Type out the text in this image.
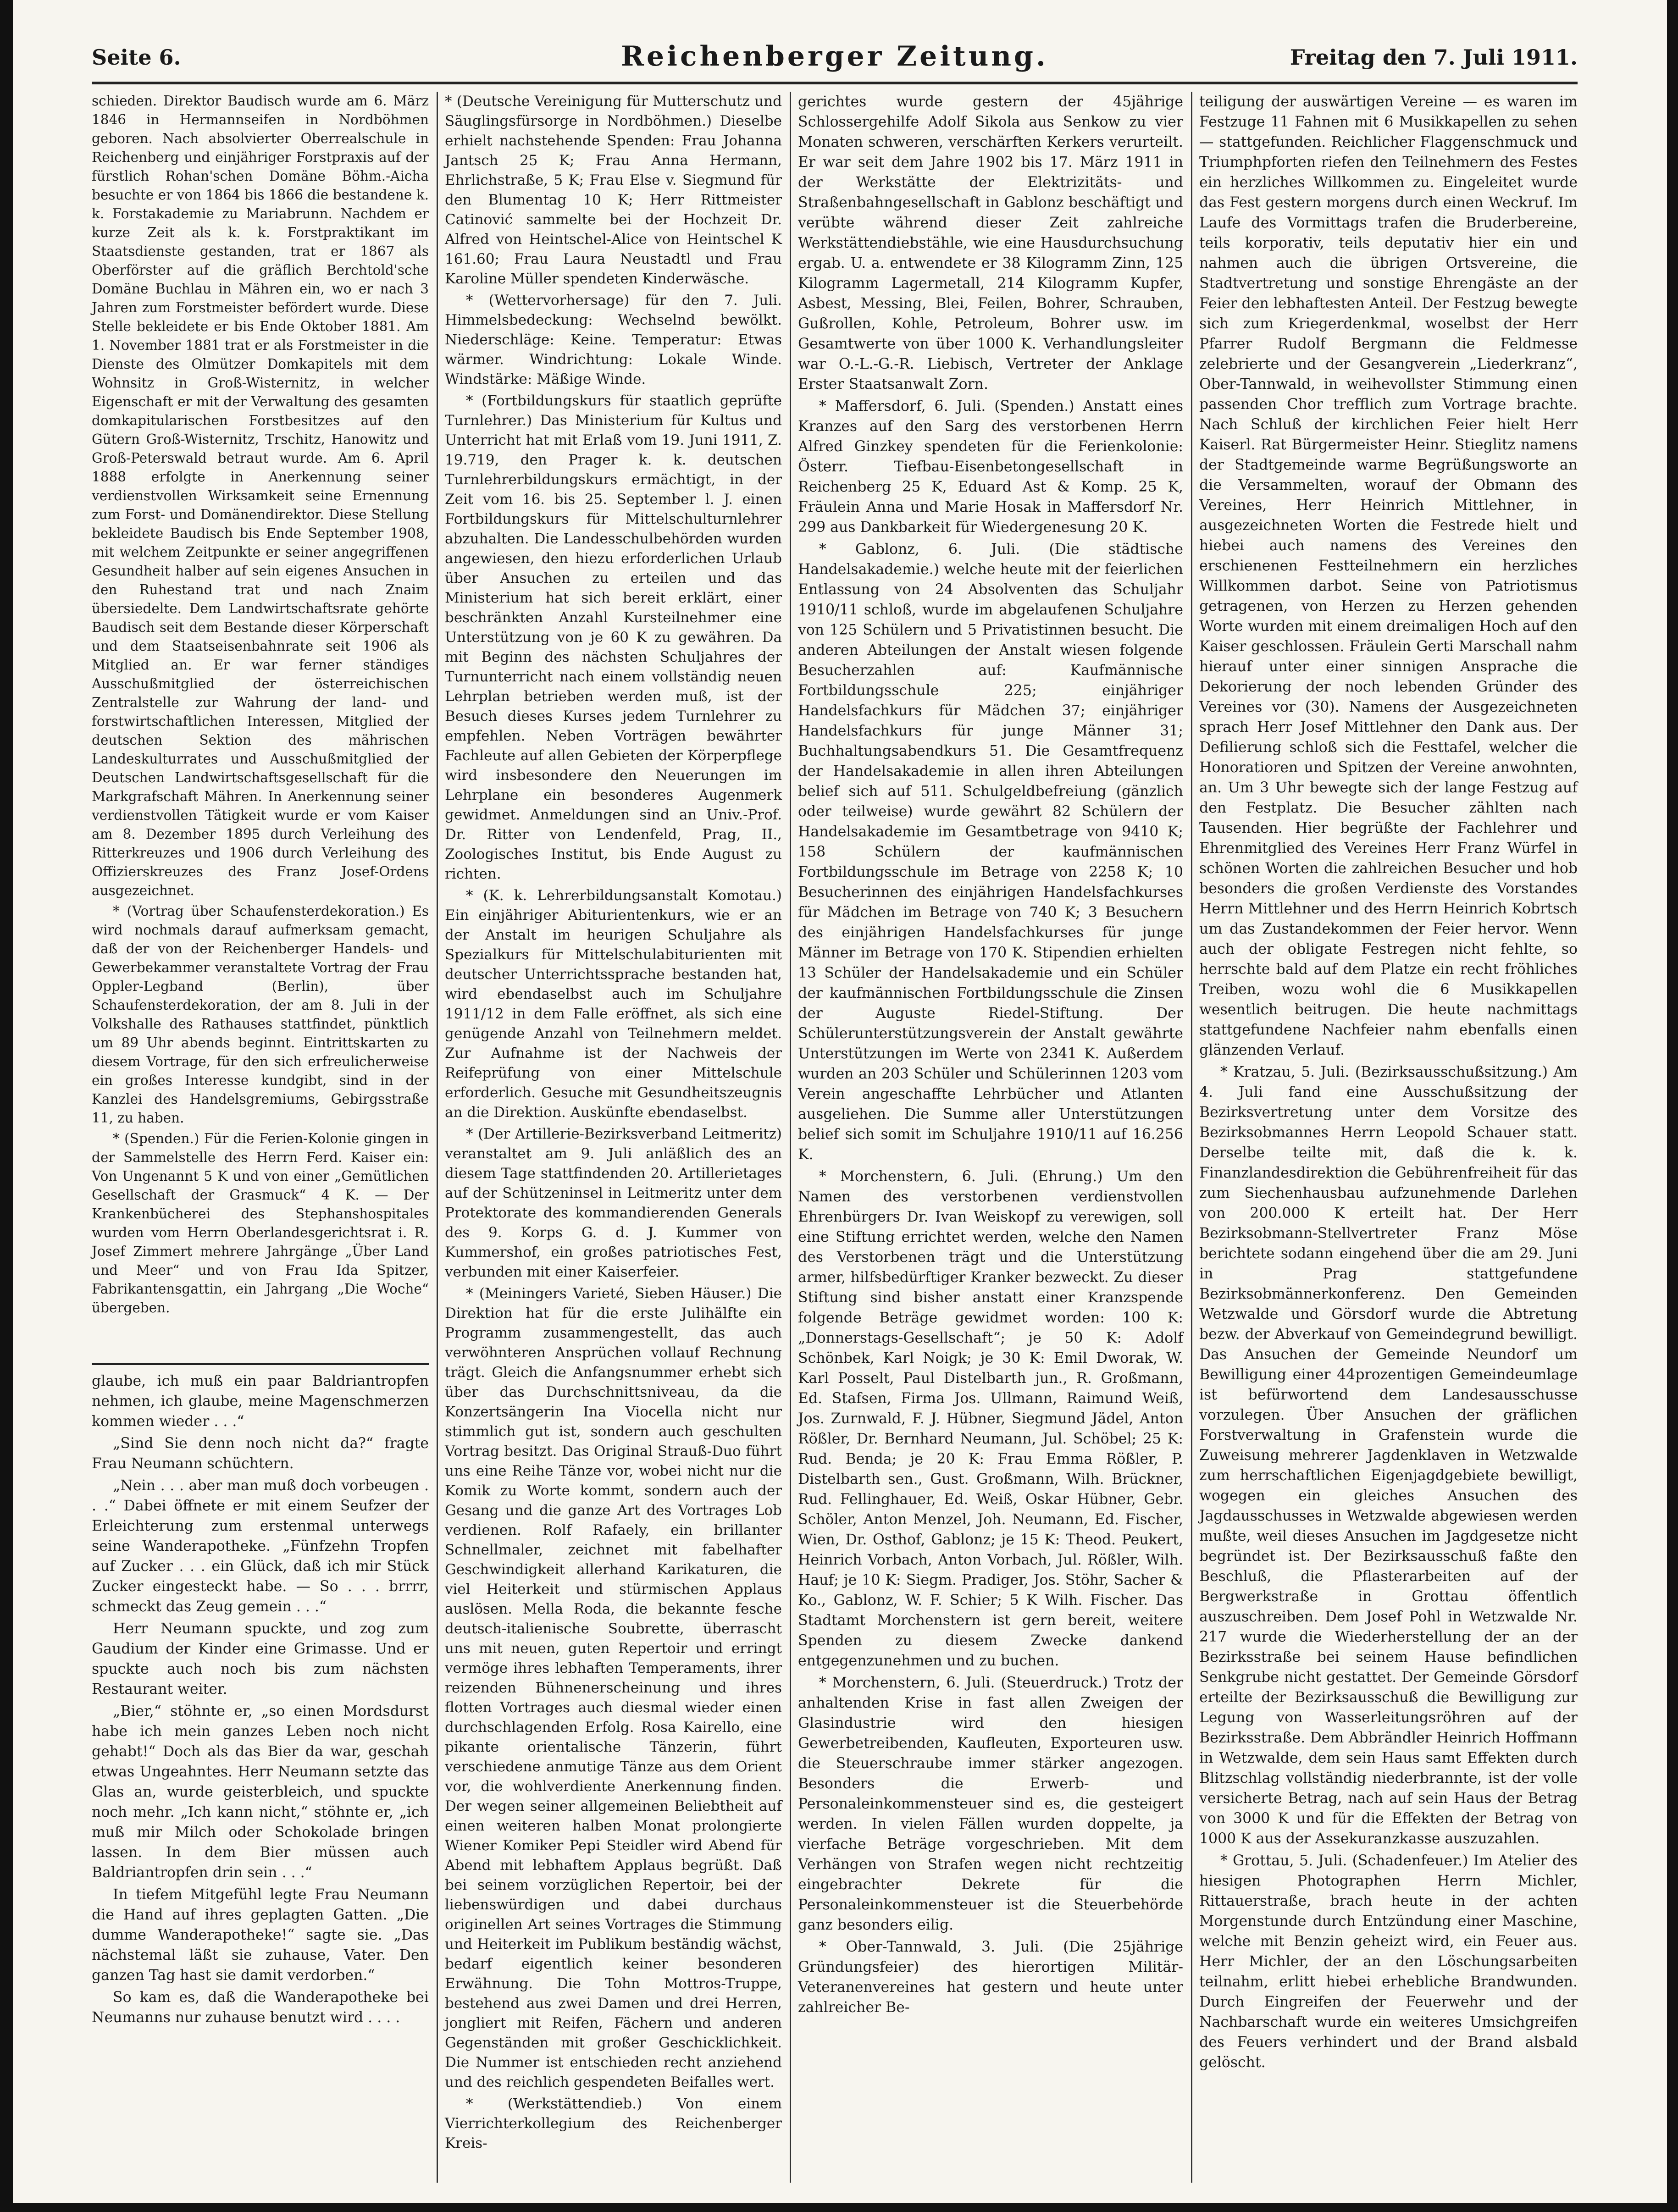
Seite 6.	Reichenberger Zeitung.	Freitag den 7. Juli 1911.

schieden. Direktor Baudisch wurde am 6. März 1846 in Hermannseifen in Nordböhmen geboren. Nach absolvierter Oberrealschule in Reichenberg und einjähriger Forstpraxis auf der fürstlich Rohan'schen Domäne Böhm.-Aicha besuchte er von 1864 bis 1866 die bestandene k. k. Forstakademie zu Mariabrunn. Nachdem er kurze Zeit als k. k. Forstpraktikant im Staatsdienste gestanden, trat er 1867 als Oberförster auf die gräflich Berchtold'sche Domäne Buchlau in Mähren ein, wo er nach 3 Jahren zum Forstmeister befördert wurde. Diese Stelle bekleidete er bis Ende Oktober 1881. Am 1. November 1881 trat er als Forstmeister in die Dienste des Olmützer Domkapitels mit dem Wohnsitz in Groß-Wisternitz, in welcher Eigenschaft er mit der Verwaltung des gesamten domkapitularischen Forstbesitzes auf den Gütern Groß-Wisternitz, Trschitz, Hanowitz und Groß-Peterswald betraut wurde. Am 6. April 1888 erfolgte in Anerkennung seiner verdienstvollen Wirksamkeit seine Ernennung zum Forst- und Domänendirektor. Diese Stellung bekleidete Baudisch bis Ende September 1908, mit welchem Zeitpunkte er seiner angegriffenen Gesundheit halber auf sein eigenes Ansuchen in den Ruhestand trat und nach Znaim übersiedelte. Dem Landwirtschaftsrate gehörte Baudisch seit dem Bestande dieser Körperschaft und dem Staatseisenbahnrate seit 1906 als Mitglied an. Er war ferner ständiges Ausschußmitglied der österreichischen Zentralstelle zur Wahrung der land- und forstwirtschaftlichen Interessen, Mitglied der deutschen Sektion des mährischen Landeskulturrates und Ausschußmitglied der Deutschen Landwirtschaftsgesellschaft für die Markgrafschaft Mähren. In Anerkennung seiner verdienstvollen Tätigkeit wurde er vom Kaiser am 8. Dezember 1895 durch Verleihung des Ritterkreuzes und 1906 durch Verleihung des Offizierskreuzes des Franz Josef-Ordens ausgezeichnet.

* (Vortrag über Schaufensterdekoration.) Es wird nochmals darauf aufmerksam gemacht, daß der von der Reichenberger Handels- und Gewerbekammer veranstaltete Vortrag der Frau Oppler-Legband (Berlin), über Schaufensterdekoration, der am 8. Juli in der Volkshalle des Rathauses stattfindet, pünktlich um 89 Uhr abends beginnt. Eintrittskarten zu diesem Vortrage, für den sich erfreulicherweise ein großes Interesse kundgibt, sind in der Kanzlei des Handelsgremiums, Gebirgsstraße 11, zu haben.

* (Spenden.) Für die Ferien-Kolonie gingen in der Sammelstelle des Herrn Ferd. Kaiser ein: Von Ungenannt 5 K und von einer „Gemütlichen Gesellschaft der Grasmuck“ 4 K. — Der Krankenbücherei des Stephanshospitales wurden vom Herrn Oberlandesgerichtsrat i. R. Josef Zimmert mehrere Jahrgänge „Über Land und Meer“ und von Frau Ida Spitzer, Fabrikantensgattin, ein Jahrgang „Die Woche“ übergeben.

glaube, ich muß ein paar Baldriantropfen nehmen, ich glaube, meine Magenschmerzen kommen wieder . . .“

„Sind Sie denn noch nicht da?“ fragte Frau Neumann schüchtern.

„Nein . . . aber man muß doch vorbeugen . . .“ Dabei öffnete er mit einem Seufzer der Erleichterung zum erstenmal unterwegs seine Wanderapotheke. „Fünfzehn Tropfen auf Zucker . . . ein Glück, daß ich mir Stück Zucker eingesteckt habe. — So . . . brrrr, schmeckt das Zeug gemein . . .“

Herr Neumann spuckte, und zog zum Gaudium der Kinder eine Grimasse. Und er spuckte auch noch bis zum nächsten Restaurant weiter.

„Bier,“ stöhnte er, „so einen Mordsdurst habe ich mein ganzes Leben noch nicht gehabt!“ Doch als das Bier da war, geschah etwas Ungeahntes. Herr Neumann setzte das Glas an, wurde geisterbleich, und spuckte noch mehr. „Ich kann nicht,“ stöhnte er, „ich muß mir Milch oder Schokolade bringen lassen. In dem Bier müssen auch Baldriantropfen drin sein . . .“

In tiefem Mitgefühl legte Frau Neumann die Hand auf ihres geplagten Gatten. „Die dumme Wanderapotheke!“ sagte sie. „Das nächstemal läßt sie zuhause, Vater. Den ganzen Tag hast sie damit verdorben.“

So kam es, daß die Wanderapotheke bei Neumanns nur zuhause benutzt wird . . . .

* (Deutsche Vereinigung für Mutterschutz und Säuglingsfürsorge in Nordböhmen.) Dieselbe erhielt nachstehende Spenden: Frau Johanna Jantsch 25 K; Frau Anna Hermann, Ehrlichstraße, 5 K; Frau Else v. Siegmund für den Blumentag 10 K; Herr Rittmeister Catinović sammelte bei der Hochzeit Dr. Alfred von Heintschel-Alice von Heintschel K 161.60; Frau Laura Neustadtl und Frau Karoline Müller spendeten Kinderwäsche.

* (Wettervorhersage) für den 7. Juli. Himmelsbedeckung: Wechselnd bewölkt. Niederschläge: Keine. Temperatur: Etwas wärmer. Windrichtung: Lokale Winde. Windstärke: Mäßige Winde.

* (Fortbildungskurs für staatlich geprüfte Turnlehrer.) Das Ministerium für Kultus und Unterricht hat mit Erlaß vom 19. Juni 1911, Z. 19.719, den Prager k. k. deutschen Turnlehrerbildungskurs ermächtigt, in der Zeit vom 16. bis 25. September l. J. einen Fortbildungskurs für Mittelschulturnlehrer abzuhalten. Die Landesschulbehörden wurden angewiesen, den hiezu erforderlichen Urlaub über Ansuchen zu erteilen und das Ministerium hat sich bereit erklärt, einer beschränkten Anzahl Kursteilnehmer eine Unterstützung von je 60 K zu gewähren. Da mit Beginn des nächsten Schuljahres der Turnunterricht nach einem vollständig neuen Lehrplan betrieben werden muß, ist der Besuch dieses Kurses jedem Turnlehrer zu empfehlen. Neben Vorträgen bewährter Fachleute auf allen Gebieten der Körperpflege wird insbesondere den Neuerungen im Lehrplane ein besonderes Augenmerk gewidmet. Anmeldungen sind an Univ.-Prof. Dr. Ritter von Lendenfeld, Prag, II., Zoologisches Institut, bis Ende August zu richten.

* (K. k. Lehrerbildungsanstalt Komotau.) Ein einjähriger Abiturientenkurs, wie er an der Anstalt im heurigen Schuljahre als Spezialkurs für Mittelschulabiturienten mit deutscher Unterrichtssprache bestanden hat, wird ebendaselbst auch im Schuljahre 1911/12 in dem Falle eröffnet, als sich eine genügende Anzahl von Teilnehmern meldet. Zur Aufnahme ist der Nachweis der Reifeprüfung von einer Mittelschule erforderlich. Gesuche mit Gesundheitszeugnis an die Direktion. Auskünfte ebendaselbst.

* (Der Artillerie-Bezirksverband Leitmeritz) veranstaltet am 9. Juli anläßlich des an diesem Tage stattfindenden 20. Artillerietages auf der Schützeninsel in Leitmeritz unter dem Protektorate des kommandierenden Generals des 9. Korps G. d. J. Kummer von Kummershof, ein großes patriotisches Fest, verbunden mit einer Kaiserfeier.

* (Meiningers Varieté, Sieben Häuser.) Die Direktion hat für die erste Julihälfte ein Programm zusammengestellt, das auch verwöhnteren Ansprüchen vollauf Rechnung trägt. Gleich die Anfangsnummer erhebt sich über das Durchschnittsniveau, da die Konzertsängerin Ina Viocella nicht nur stimmlich gut ist, sondern auch geschulten Vortrag besitzt. Das Original Strauß-Duo führt uns eine Reihe Tänze vor, wobei nicht nur die Komik zu Worte kommt, sondern auch der Gesang und die ganze Art des Vortrages Lob verdienen. Rolf Rafaely, ein brillanter Schnellmaler, zeichnet mit fabelhafter Geschwindigkeit allerhand Karikaturen, die viel Heiterkeit und stürmischen Applaus auslösen. Mella Roda, die bekannte fesche deutsch-italienische Soubrette, überrascht uns mit neuen, guten Repertoir und erringt vermöge ihres lebhaften Temperaments, ihrer reizenden Bühnenerscheinung und ihres flotten Vortrages auch diesmal wieder einen durchschlagenden Erfolg. Rosa Kairello, eine pikante orientalische Tänzerin, führt verschiedene anmutige Tänze aus dem Orient vor, die wohlverdiente Anerkennung finden. Der wegen seiner allgemeinen Beliebtheit auf einen weiteren halben Monat prolongierte Wiener Komiker Pepi Steidler wird Abend für Abend mit lebhaftem Applaus begrüßt. Daß bei seinem vorzüglichen Repertoir, bei der liebenswürdigen und dabei durchaus originellen Art seines Vortrages die Stimmung und Heiterkeit im Publikum beständig wächst, bedarf eigentlich keiner besonderen Erwähnung. Die Tohn Mottros-Truppe, bestehend aus zwei Damen und drei Herren, jongliert mit Reifen, Fächern und anderen Gegenständen mit großer Geschicklichkeit. Die Nummer ist entschieden recht anziehend und des reichlich gespendeten Beifalles wert.

* (Werkstättendieb.) Von einem Vierrichterkollegium des Reichenberger Kreis-

gerichtes wurde gestern der 45jährige Schlossergehilfe Adolf Sikola aus Senkow zu vier Monaten schweren, verschärften Kerkers verurteilt. Er war seit dem Jahre 1902 bis 17. März 1911 in der Werkstätte der Elektrizitäts- und Straßenbahngesellschaft in Gablonz beschäftigt und verübte während dieser Zeit zahlreiche Werkstättendiebstähle, wie eine Hausdurchsuchung ergab. U. a. entwendete er 38 Kilogramm Zinn, 125 Kilogramm Lagermetall, 214 Kilogramm Kupfer, Asbest, Messing, Blei, Feilen, Bohrer, Schrauben, Gußrollen, Kohle, Petroleum, Bohrer usw. im Gesamtwerte von über 1000 K. Verhandlungsleiter war O.-L.-G.-R. Liebisch, Vertreter der Anklage Erster Staatsanwalt Zorn.

* Maffersdorf, 6. Juli. (Spenden.) Anstatt eines Kranzes auf den Sarg des verstorbenen Herrn Alfred Ginzkey spendeten für die Ferienkolonie: Österr. Tiefbau-Eisenbetongesellschaft in Reichenberg 25 K, Eduard Ast & Komp. 25 K, Fräulein Anna und Marie Hosak in Maffersdorf Nr. 299 aus Dankbarkeit für Wiedergenesung 20 K.

* Gablonz, 6. Juli. (Die städtische Handelsakademie.) welche heute mit der feierlichen Entlassung von 24 Absolventen das Schuljahr 1910/11 schloß, wurde im abgelaufenen Schuljahre von 125 Schülern und 5 Privatistinnen besucht. Die anderen Abteilungen der Anstalt wiesen folgende Besucherzahlen auf: Kaufmännische Fortbildungsschule 225; einjähriger Handelsfachkurs für Mädchen 37; einjähriger Handelsfachkurs für junge Männer 31; Buchhaltungsabendkurs 51. Die Gesamtfrequenz der Handelsakademie in allen ihren Abteilungen belief sich auf 511. Schulgeldbefreiung (gänzlich oder teilweise) wurde gewährt 82 Schülern der Handelsakademie im Gesamtbetrage von 9410 K; 158 Schülern der kaufmännischen Fortbildungsschule im Betrage von 2258 K; 10 Besucherinnen des einjährigen Handelsfachkurses für Mädchen im Betrage von 740 K; 3 Besuchern des einjährigen Handelsfachkurses für junge Männer im Betrage von 170 K. Stipendien erhielten 13 Schüler der Handelsakademie und ein Schüler der kaufmännischen Fortbildungsschule die Zinsen der Auguste Riedel-Stiftung. Der Schülerunterstützungsverein der Anstalt gewährte Unterstützungen im Werte von 2341 K. Außerdem wurden an 203 Schüler und Schülerinnen 1203 vom Verein angeschaffte Lehrbücher und Atlanten ausgeliehen. Die Summe aller Unterstützungen belief sich somit im Schuljahre 1910/11 auf 16.256 K.

* Morchenstern, 6. Juli. (Ehrung.) Um den Namen des verstorbenen verdienstvollen Ehrenbürgers Dr. Ivan Weiskopf zu verewigen, soll eine Stiftung errichtet werden, welche den Namen des Verstorbenen trägt und die Unterstützung armer, hilfsbedürftiger Kranker bezweckt. Zu dieser Stiftung sind bisher anstatt einer Kranzspende folgende Beträge gewidmet worden: 100 K: „Donnerstags-Gesellschaft“; je 50 K: Adolf Schönbek, Karl Noigk; je 30 K: Emil Dworak, W. Karl Posselt, Paul Distelbarth jun., R. Großmann, Ed. Stafsen, Firma Jos. Ullmann, Raimund Weiß, Jos. Zurnwald, F. J. Hübner, Siegmund Jädel, Anton Rößler, Dr. Bernhard Neumann, Jul. Schöbel; 25 K: Rud. Benda; je 20 K: Frau Emma Rößler, P. Distelbarth sen., Gust. Großmann, Wilh. Brückner, Rud. Fellinghauer, Ed. Weiß, Oskar Hübner, Gebr. Schöler, Anton Menzel, Joh. Neumann, Ed. Fischer, Wien, Dr. Osthof, Gablonz; je 15 K: Theod. Peukert, Heinrich Vorbach, Anton Vorbach, Jul. Rößler, Wilh. Hauf; je 10 K: Siegm. Pradiger, Jos. Stöhr, Sacher & Ko., Gablonz, W. F. Schier; 5 K Wilh. Fischer. Das Stadtamt Morchenstern ist gern bereit, weitere Spenden zu diesem Zwecke dankend entgegenzunehmen und zu buchen.

* Morchenstern, 6. Juli. (Steuerdruck.) Trotz der anhaltenden Krise in fast allen Zweigen der Glasindustrie wird den hiesigen Gewerbetreibenden, Kaufleuten, Exporteuren usw. die Steuerschraube immer stärker angezogen. Besonders die Erwerb- und Personaleinkommensteuer sind es, die gesteigert werden. In vielen Fällen wurden doppelte, ja vierfache Beträge vorgeschrieben. Mit dem Verhängen von Strafen wegen nicht rechtzeitig eingebrachter Dekrete für die Personaleinkommensteuer ist die Steuerbehörde ganz besonders eilig.

* Ober-Tannwald, 3. Juli. (Die 25jährige Gründungsfeier) des hierortigen Militär-Veteranenvereines hat gestern und heute unter zahlreicher Be-

teiligung der auswärtigen Vereine — es waren im Festzuge 11 Fahnen mit 6 Musikkapellen zu sehen — stattgefunden. Reichlicher Flaggenschmuck und Triumphpforten riefen den Teilnehmern des Festes ein herzliches Willkommen zu. Eingeleitet wurde das Fest gestern morgens durch einen Weckruf. Im Laufe des Vormittags trafen die Bruderbereine, teils korporativ, teils deputativ hier ein und nahmen auch die übrigen Ortsvereine, die Stadtvertretung und sonstige Ehrengäste an der Feier den lebhaftesten Anteil. Der Festzug bewegte sich zum Kriegerdenkmal, woselbst der Herr Pfarrer Rudolf Bergmann die Feldmesse zelebrierte und der Gesangverein „Liederkranz“, Ober-Tannwald, in weihevollster Stimmung einen passenden Chor trefflich zum Vortrage brachte. Nach Schluß der kirchlichen Feier hielt Herr Kaiserl. Rat Bürgermeister Heinr. Stieglitz namens der Stadtgemeinde warme Begrüßungsworte an die Versammelten, worauf der Obmann des Vereines, Herr Heinrich Mittlehner, in ausgezeichneten Worten die Festrede hielt und hiebei auch namens des Vereines den erschienenen Festteilnehmern ein herzliches Willkommen darbot. Seine von Patriotismus getragenen, von Herzen zu Herzen gehenden Worte wurden mit einem dreimaligen Hoch auf den Kaiser geschlossen. Fräulein Gerti Marschall nahm hierauf unter einer sinnigen Ansprache die Dekorierung der noch lebenden Gründer des Vereines vor (30). Namens der Ausgezeichneten sprach Herr Josef Mittlehner den Dank aus. Der Defilierung schloß sich die Festtafel, welcher die Honoratioren und Spitzen der Vereine anwohnten, an. Um 3 Uhr bewegte sich der lange Festzug auf den Festplatz. Die Besucher zählten nach Tausenden. Hier begrüßte der Fachlehrer und Ehrenmitglied des Vereines Herr Franz Würfel in schönen Worten die zahlreichen Besucher und hob besonders die großen Verdienste des Vorstandes Herrn Mittlehner und des Herrn Heinrich Kobrtsch um das Zustandekommen der Feier hervor. Wenn auch der obligate Festregen nicht fehlte, so herrschte bald auf dem Platze ein recht fröhliches Treiben, wozu wohl die 6 Musikkapellen wesentlich beitrugen. Die heute nachmittags stattgefundene Nachfeier nahm ebenfalls einen glänzenden Verlauf.

* Kratzau, 5. Juli. (Bezirksausschußsitzung.) Am 4. Juli fand eine Ausschußsitzung der Bezirksvertretung unter dem Vorsitze des Bezirksobmannes Herrn Leopold Schauer statt. Derselbe teilte mit, daß die k. k. Finanzlandesdirektion die Gebührenfreiheit für das zum Siechenhausbau aufzunehmende Darlehen von 200.000 K erteilt hat. Der Herr Bezirksobmann-Stellvertreter Franz Möse berichtete sodann eingehend über die am 29. Juni in Prag stattgefundene Bezirksobmännerkonferenz. Den Gemeinden Wetzwalde und Görsdorf wurde die Abtretung bezw. der Abverkauf von Gemeindegrund bewilligt. Das Ansuchen der Gemeinde Neundorf um Bewilligung einer 44prozentigen Gemeindeumlage ist befürwortend dem Landesausschusse vorzulegen. Über Ansuchen der gräflichen Forstverwaltung in Grafenstein wurde die Zuweisung mehrerer Jagdenklaven in Wetzwalde zum herrschaftlichen Eigenjagdgebiete bewilligt, wogegen ein gleiches Ansuchen des Jagdausschusses in Wetzwalde abgewiesen werden mußte, weil dieses Ansuchen im Jagdgesetze nicht begründet ist. Der Bezirksausschuß faßte den Beschluß, die Pflasterarbeiten auf der Bergwerkstraße in Grottau öffentlich auszuschreiben. Dem Josef Pohl in Wetzwalde Nr. 217 wurde die Wiederherstellung der an der Bezirksstraße bei seinem Hause befindlichen Senkgrube nicht gestattet. Der Gemeinde Görsdorf erteilte der Bezirksausschuß die Bewilligung zur Legung von Wasserleitungsröhren auf der Bezirksstraße. Dem Abbrändler Heinrich Hoffmann in Wetzwalde, dem sein Haus samt Effekten durch Blitzschlag vollständig niederbrannte, ist der volle versicherte Betrag, nach auf sein Haus der Betrag von 3000 K und für die Effekten der Betrag von 1000 K aus der Assekuranzkasse auszuzahlen.

* Grottau, 5. Juli. (Schadenfeuer.) Im Atelier des hiesigen Photographen Herrn Michler, Rittauerstraße, brach heute in der achten Morgenstunde durch Entzündung einer Maschine, welche mit Benzin geheizt wird, ein Feuer aus. Herr Michler, der an den Löschungsarbeiten teilnahm, erlitt hiebei erhebliche Brandwunden. Durch Eingreifen der Feuerwehr und der Nachbarschaft wurde ein weiteres Umsichgreifen des Feuers verhindert und der Brand alsbald gelöscht.
